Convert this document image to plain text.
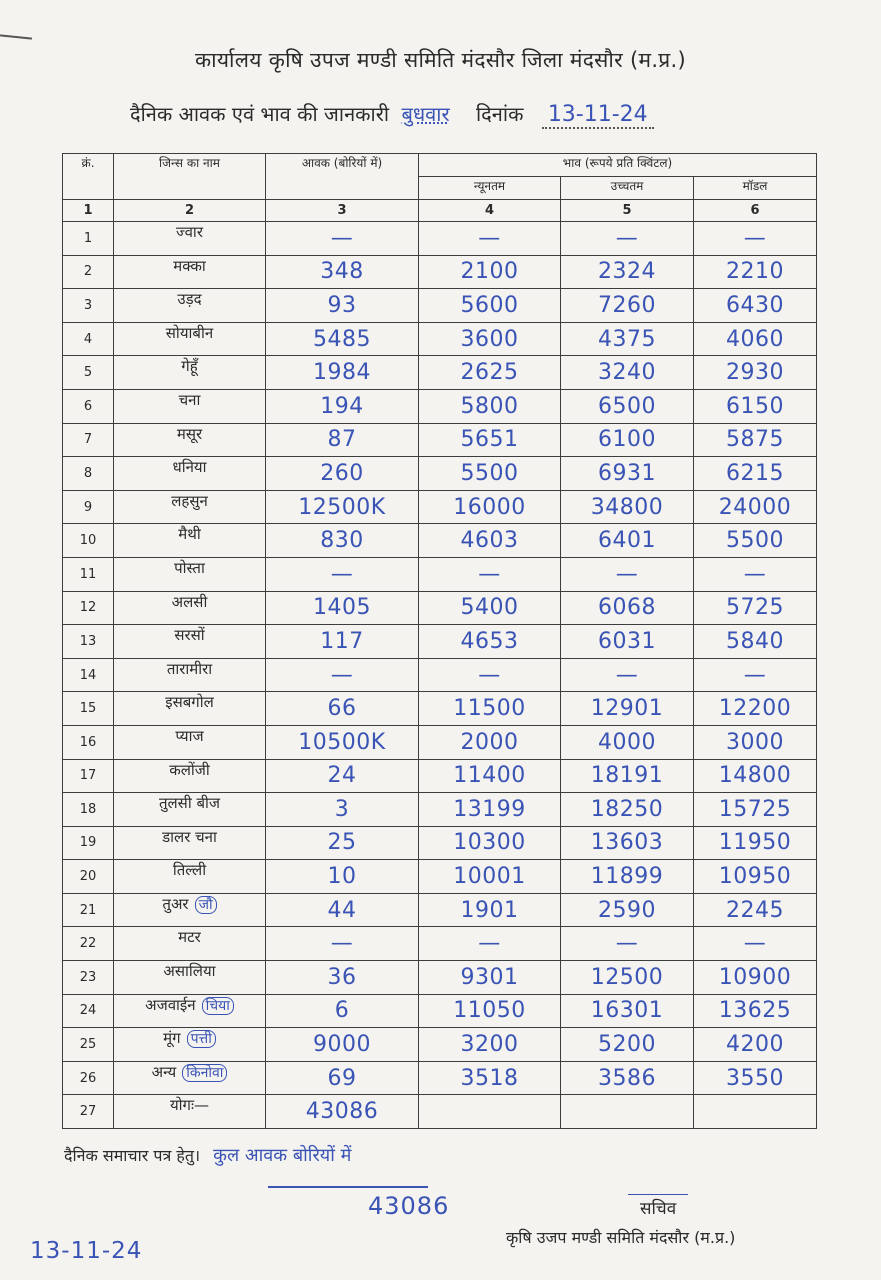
कार्यालय कृषि उपज मण्डी समिति मंदसौर जिला मंदसौर (म.प्र.)
दैनिक आवक एवं भाव की जानकारी बुधवार दिनांक 13-11-24
क्रं.	जिन्स का नाम	आवक (बोरियों में)	भाव (रूपये प्रति क्विंटल)		
			न्यूनतम	उच्चतम	मॉडल
1	2	3	4	5	6
1	ज्वार	—	—	—	—
2	मक्का	348	2100	2324	2210
3	उड़द	93	5600	7260	6430
4	सोयाबीन	5485	3600	4375	4060
5	गेहूँ	1984	2625	3240	2930
6	चना	194	5800	6500	6150
7	मसूर	87	5651	6100	5875
8	धनिया	260	5500	6931	6215
9	लहसुन	12500K	16000	34800	24000
10	मैथी	830	4603	6401	5500
11	पोस्ता	—	—	—	—
12	अलसी	1405	5400	6068	5725
13	सरसों	117	4653	6031	5840
14	तारामीरा	—	—	—	—
15	इसबगोल	66	11500	12901	12200
16	प्याज	10500K	2000	4000	3000
17	कलोंजी	24	11400	18191	14800
18	तुलसी बीज	3	13199	18250	15725
19	डालर चना	25	10300	13603	11950
20	तिल्ली	10	10001	11899	10950
21	तुअर जौ	44	1901	2590	2245
22	मटर	—	—	—	—
23	असालिया	36	9301	12500	10900
24	अजवाईन चिया	6	11050	16301	13625
25	मूंग पत्ती	9000	3200	5200	4200
26	अन्य किनोवा	69	3518	3586	3550
27	योगः—	43086			
दैनिक समाचार पत्र हेतु। कुल आवक बोरियों में
43086	सचिव
कृषि उजप मण्डी समिति मंदसौर (म.प्र.)
13-11-24
